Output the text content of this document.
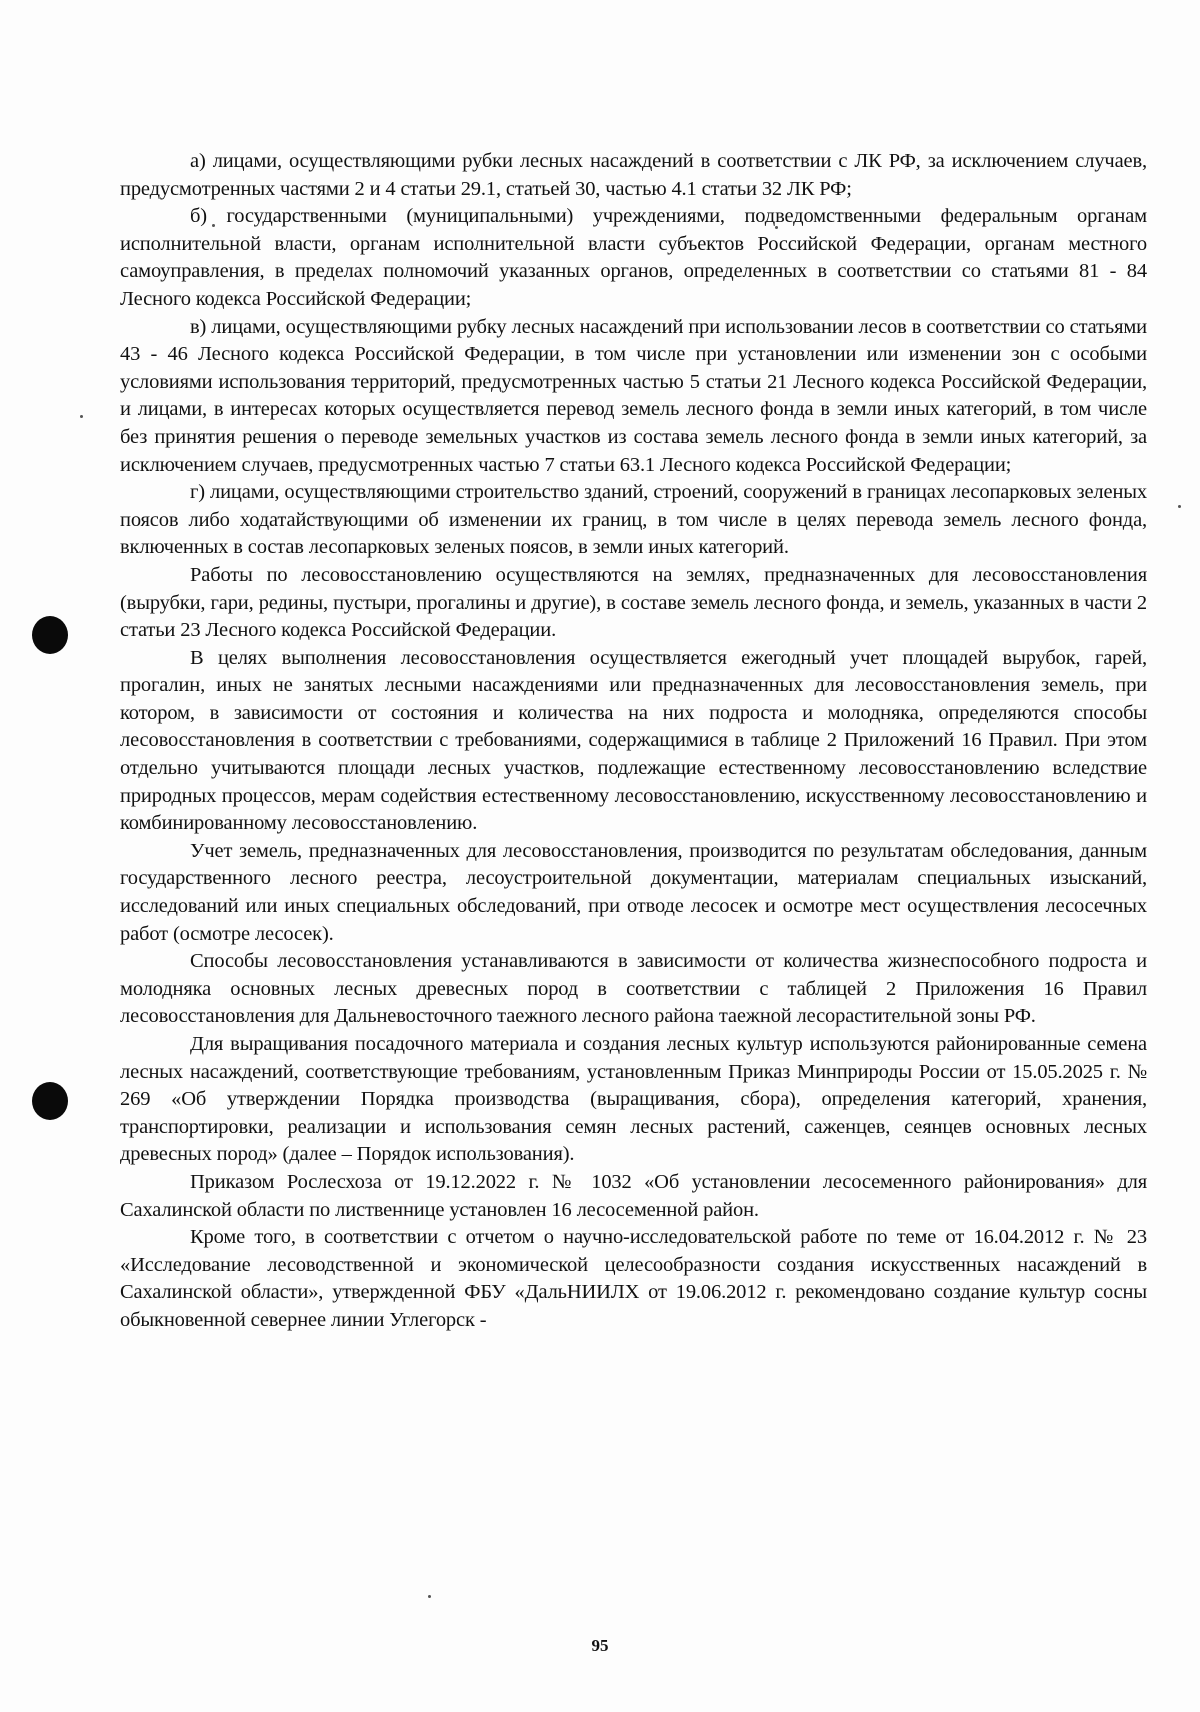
а) лицами, осуществляющими рубки лесных насаждений в соответствии с ЛК РФ, за исключением случаев, предусмотренных частями 2 и 4 статьи 29.1, статьей 30, частью 4.1 статьи 32 ЛК РФ;

б) государственными (муниципальными) учреждениями, подведомственными федеральным органам исполнительной власти, органам исполнительной власти субъектов Российской Федерации, органам местного самоуправления, в пределах полномочий указанных органов, определенных в соответствии со статьями 81 - 84 Лесного кодекса Российской Федерации;

в) лицами, осуществляющими рубку лесных насаждений при использовании лесов в соответствии со статьями 43 - 46 Лесного кодекса Российской Федерации, в том числе при установлении или изменении зон с особыми условиями использования территорий, предусмотренных частью 5 статьи 21 Лесного кодекса Российской Федерации, и лицами, в интересах которых осуществляется перевод земель лесного фонда в земли иных категорий, в том числе без принятия решения о переводе земельных участков из состава земель лесного фонда в земли иных категорий, за исключением случаев, предусмотренных частью 7 статьи 63.1 Лесного кодекса Российской Федерации;

г) лицами, осуществляющими строительство зданий, строений, сооружений в границах лесопарковых зеленых поясов либо ходатайствующими об изменении их границ, в том числе в целях перевода земель лесного фонда, включенных в состав лесопарковых зеленых поясов, в земли иных категорий.

Работы по лесовосстановлению осуществляются на землях, предназначенных для лесовосстановления (вырубки, гари, редины, пустыри, прогалины и другие), в составе земель лесного фонда, и земель, указанных в части 2 статьи 23 Лесного кодекса Российской Федерации.

В целях выполнения лесовосстановления осуществляется ежегодный учет площадей вырубок, гарей, прогалин, иных не занятых лесными насаждениями или предназначенных для лесовосстановления земель, при котором, в зависимости от состояния и количества на них подроста и молодняка, определяются способы лесовосстановления в соответствии с требованиями, содержащимися в таблице 2 Приложений 16 Правил. При этом отдельно учитываются площади лесных участков, подлежащие естественному лесовосстановлению вследствие природных процессов, мерам содействия естественному лесовосстановлению, искусственному лесовосстановлению и комбинированному лесовосстановлению.

Учет земель, предназначенных для лесовосстановления, производится по результатам обследования, данным государственного лесного реестра, лесоустроительной документации, материалам специальных изысканий, исследований или иных специальных обследований, при отводе лесосек и осмотре мест осуществления лесосечных работ (осмотре лесосек).

Способы лесовосстановления устанавливаются в зависимости от количества жизнеспособного подроста и молодняка основных лесных древесных пород в соответствии с таблицей 2 Приложения 16 Правил лесовосстановления для Дальневосточного таежного лесного района таежной лесорастительной зоны РФ.

Для выращивания посадочного материала и создания лесных культур используются районированные семена лесных насаждений, соответствующие требованиям, установленным Приказ Минприроды России от 15.05.2025 г. № 269 «Об утверждении Порядка производства (выращивания, сбора), определения категорий, хранения, транспортировки, реализации и использования семян лесных растений, саженцев, сеянцев основных лесных древесных пород» (далее – Порядок использования).

Приказом Рослесхоза от 19.12.2022 г. № 1032 «Об установлении лесосеменного районирования» для Сахалинской области по лиственнице установлен 16 лесосеменной район.

Кроме того, в соответствии с отчетом о научно-исследовательской работе по теме от 16.04.2012 г. № 23 «Исследование лесоводственной и экономической целесообразности создания искусственных насаждений в Сахалинской области», утвержденной ФБУ «ДальНИИЛХ от 19.06.2012 г. рекомендовано создание культур сосны обыкновенной севернее линии Углегорск -

95
